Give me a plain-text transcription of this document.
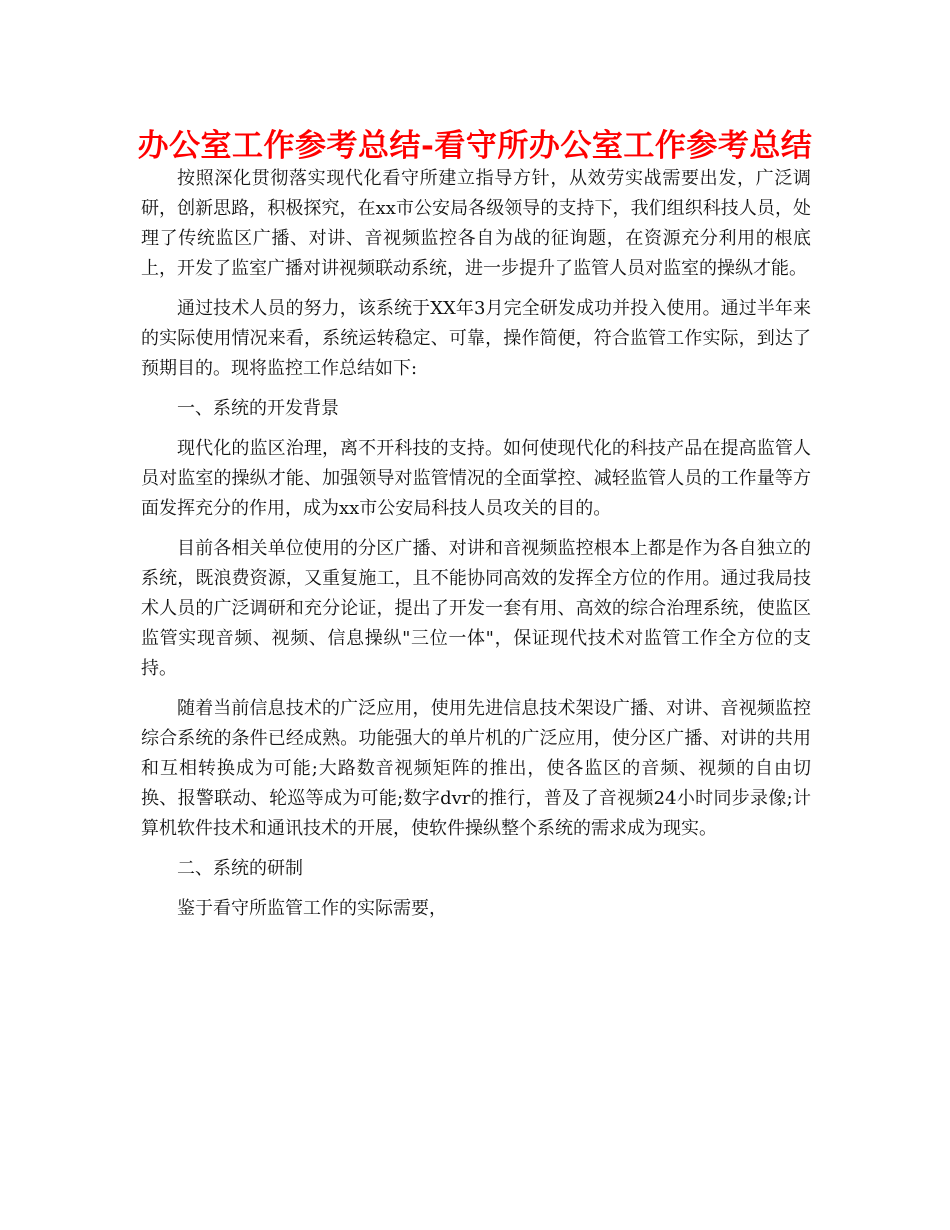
办公室工作参考总结-看守所办公室工作参考总结

按照深化贯彻落实现代化看守所建立指导方针，从效劳实战需要出发，广泛调研，创新思路，积极探究，在xx市公安局各级领导的支持下，我们组织科技人员，处理了传统监区广播、对讲、音视频监控各自为战的征询题，在资源充分利用的根底上，开发了监室广播对讲视频联动系统，进一步提升了监管人员对监室的操纵才能。

通过技术人员的努力，该系统于XX年3月完全研发成功并投入使用。通过半年来的实际使用情况来看，系统运转稳定、可靠，操作简便，符合监管工作实际，到达了预期目的。现将监控工作总结如下:

一、系统的开发背景

现代化的监区治理，离不开科技的支持。如何使现代化的科技产品在提高监管人员对监室的操纵才能、加强领导对监管情况的全面掌控、减轻监管人员的工作量等方面发挥充分的作用，成为xx市公安局科技人员攻关的目的。

目前各相关单位使用的分区广播、对讲和音视频监控根本上都是作为各自独立的系统，既浪费资源，又重复施工，且不能协同高效的发挥全方位的作用。通过我局技术人员的广泛调研和充分论证，提出了开发一套有用、高效的综合治理系统，使监区监管实现音频、视频、信息操纵"三位一体"，保证现代技术对监管工作全方位的支持。

随着当前信息技术的广泛应用，使用先进信息技术架设广播、对讲、音视频监控综合系统的条件已经成熟。功能强大的单片机的广泛应用，使分区广播、对讲的共用和互相转换成为可能;大路数音视频矩阵的推出，使各监区的音频、视频的自由切换、报警联动、轮巡等成为可能;数字dvr的推行，普及了音视频24小时同步录像;计算机软件技术和通讯技术的开展，使软件操纵整个系统的需求成为现实。

二、系统的研制

鉴于看守所监管工作的实际需要，
